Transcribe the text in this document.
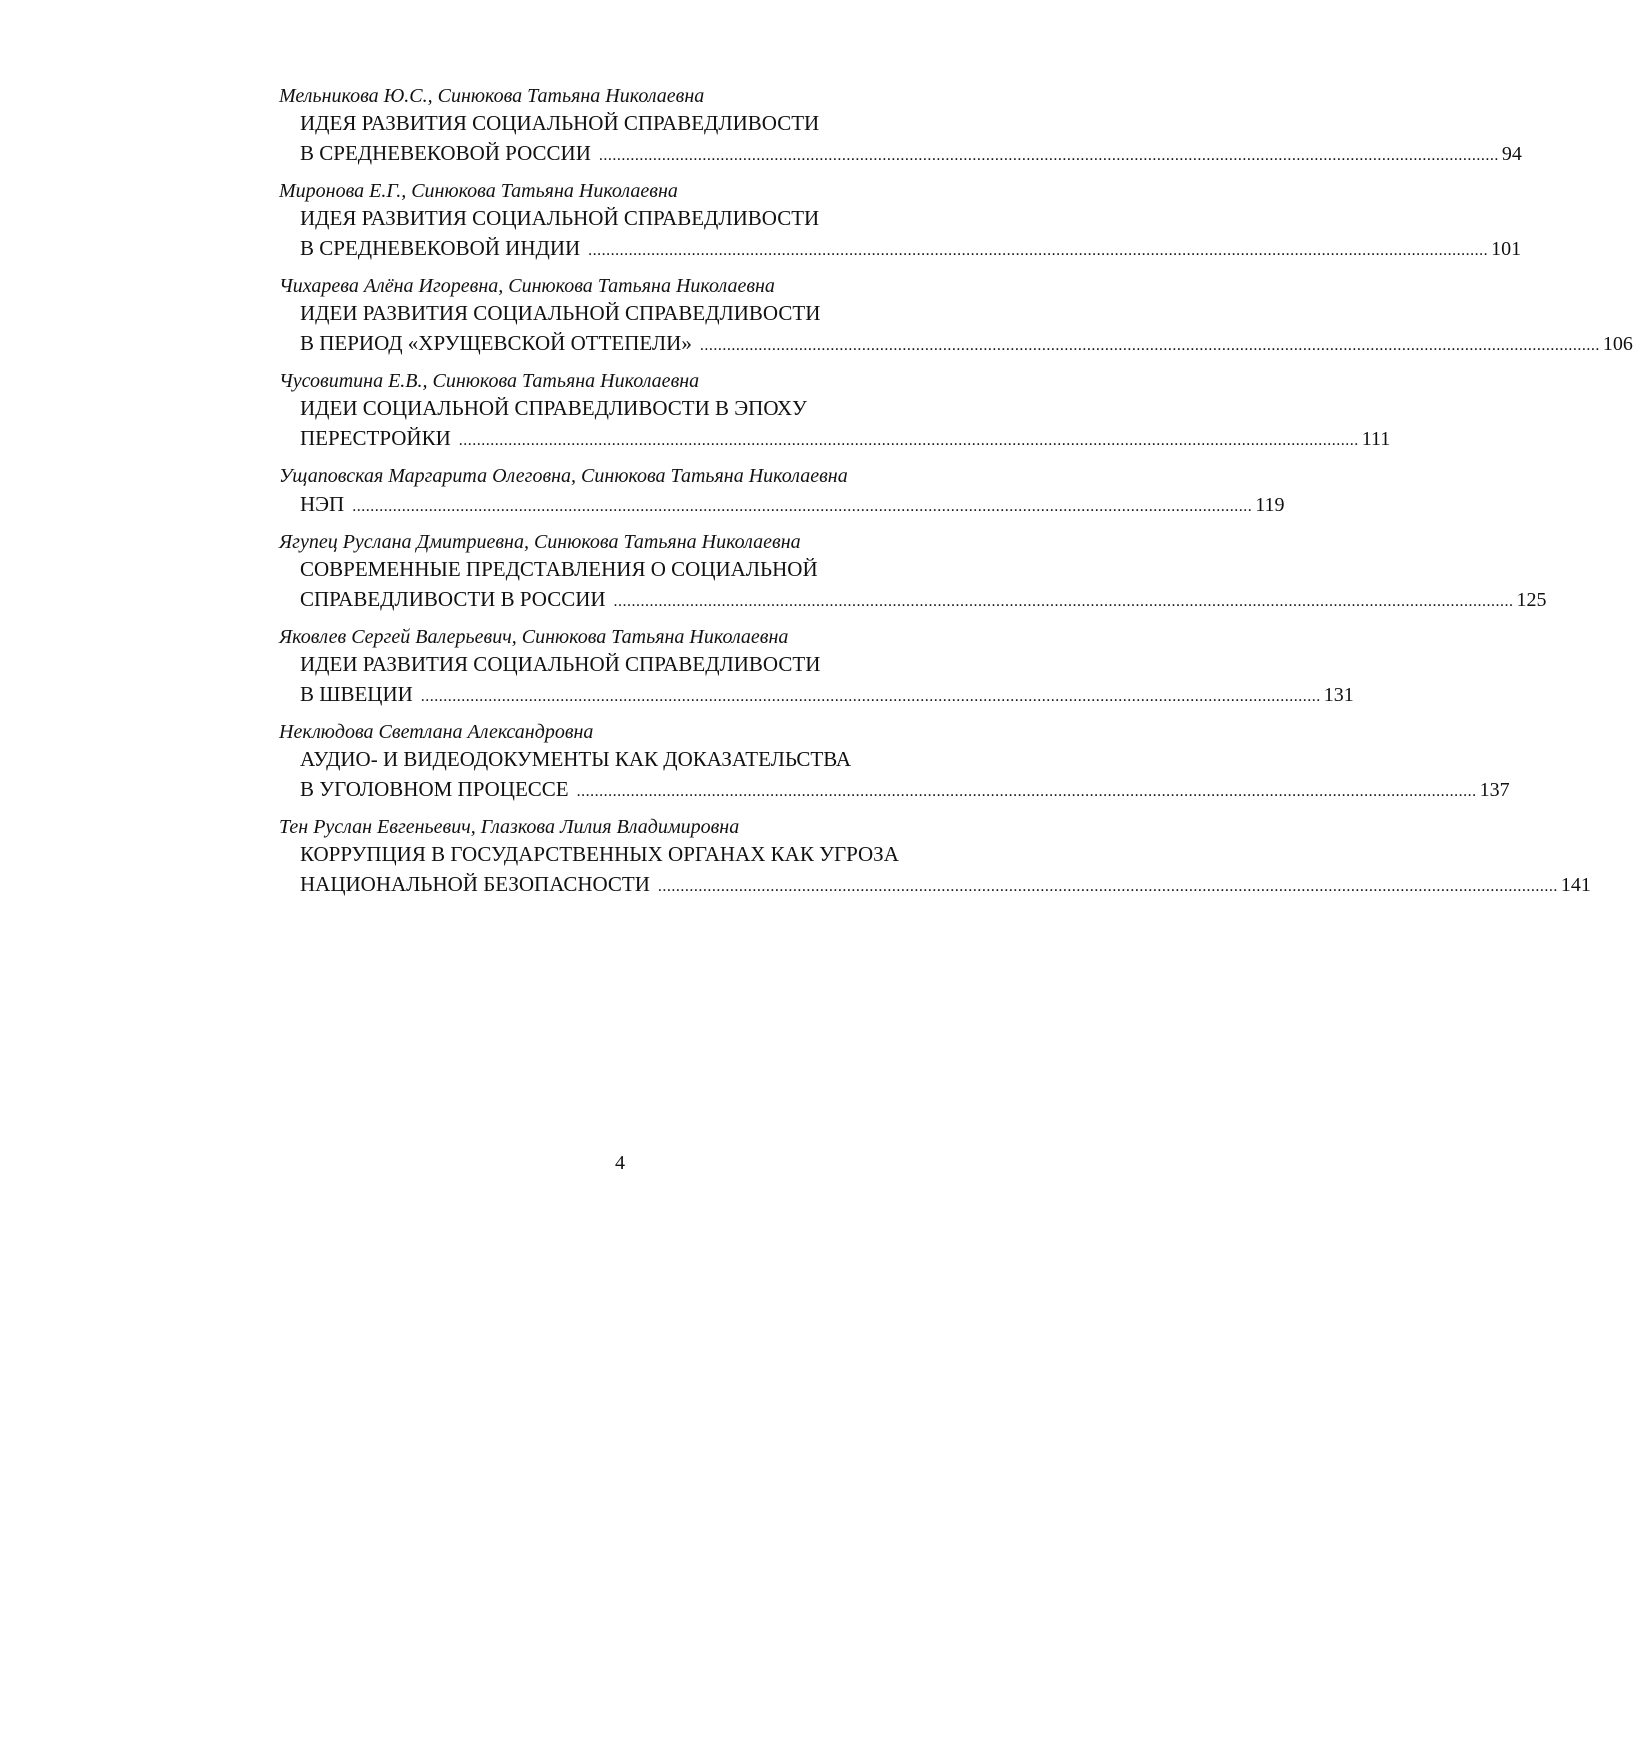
Мельникова Ю.С., Синюкова Татьяна Николаевна
ИДЕЯ РАЗВИТИЯ СОЦИАЛЬНОЙ СПРАВЕДЛИВОСТИ
В СРЕДНЕВЕКОВОЙ РОССИИ ........................................................................................................................................................................................................ 94
Миронова Е.Г., Синюкова Татьяна Николаевна
ИДЕЯ РАЗВИТИЯ СОЦИАЛЬНОЙ СПРАВЕДЛИВОСТИ
В СРЕДНЕВЕКОВОЙ ИНДИИ ........................................................................................................................................................................................................ 101
Чихарева Алёна Игоревна, Синюкова Татьяна Николаевна
ИДЕИ РАЗВИТИЯ СОЦИАЛЬНОЙ СПРАВЕДЛИВОСТИ
В ПЕРИОД «ХРУЩЕВСКОЙ ОТТЕПЕЛИ» ........................................................................................................................................................................................................ 106
Чусовитина Е.В., Синюкова Татьяна Николаевна
ИДЕИ СОЦИАЛЬНОЙ СПРАВЕДЛИВОСТИ В ЭПОХУ
ПЕРЕСТРОЙКИ ........................................................................................................................................................................................................ 111
Ущаповская Маргарита Олеговна, Синюкова Татьяна Николаевна
НЭП ........................................................................................................................................................................................................ 119
Ягупец Руслана Дмитриевна, Синюкова Татьяна Николаевна
СОВРЕМЕННЫЕ ПРЕДСТАВЛЕНИЯ О СОЦИАЛЬНОЙ
СПРАВЕДЛИВОСТИ В РОССИИ ........................................................................................................................................................................................................ 125
Яковлев Сергей Валерьевич, Синюкова Татьяна Николаевна
ИДЕИ РАЗВИТИЯ СОЦИАЛЬНОЙ СПРАВЕДЛИВОСТИ
В ШВЕЦИИ ........................................................................................................................................................................................................ 131
Неклюдова Светлана Александровна
АУДИО- И ВИДЕОДОКУМЕНТЫ КАК ДОКАЗАТЕЛЬСТВА
В УГОЛОВНОМ ПРОЦЕССЕ ........................................................................................................................................................................................................ 137
Тен Руслан Евгеньевич, Глазкова Лилия Владимировна
КОРРУПЦИЯ В ГОСУДАРСТВЕННЫХ ОРГАНАХ КАК УГРОЗА
НАЦИОНАЛЬНОЙ БЕЗОПАСНОСТИ ........................................................................................................................................................................................................ 141
4
